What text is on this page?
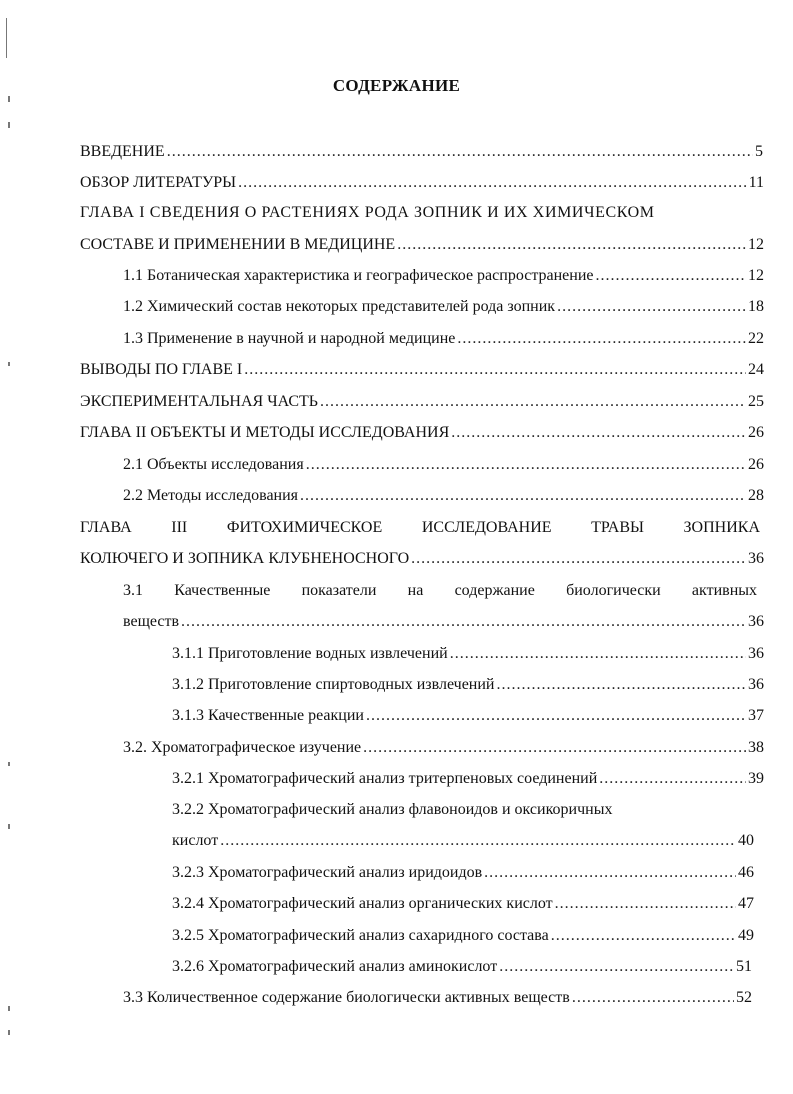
СОДЕРЖАНИЕ
ВВЕДЕНИЕ .....	5
ОБЗОР ЛИТЕРАТУРЫ .....	11
ГЛАВА I СВЕДЕНИЯ О РАСТЕНИЯХ РОДА ЗОПНИК И ИХ ХИМИЧЕСКОМ
СОСТАВЕ И ПРИМЕНЕНИИ В МЕДИЦИНЕ .....	12
1.1 Ботаническая характеристика и географическое распространение .....	12
1.2 Химический состав некоторых представителей рода зопник .....	18
1.3 Применение в научной и народной медицине .....	22
ВЫВОДЫ ПО ГЛАВЕ I .....	24
ЭКСПЕРИМЕНТАЛЬНАЯ ЧАСТЬ .....	25
ГЛАВА II ОБЪЕКТЫ И МЕТОДЫ ИССЛЕДОВАНИЯ .....	26
2.1 Объекты исследования .....	26
2.2 Методы исследования .....	28
ГЛАВА III ФИТОХИМИЧЕСКОЕ ИССЛЕДОВАНИЕ ТРАВЫ ЗОПНИКА
КОЛЮЧЕГО И ЗОПНИКА КЛУБНЕНОСНОГО .....	36
3.1 Качественные показатели на содержание биологически активных
веществ .....	36
3.1.1 Приготовление водных извлечений .....	36
3.1.2 Приготовление спиртоводных извлечений .....	36
3.1.3 Качественные реакции .....	37
3.2. Хроматографическое изучение .....	38
3.2.1 Хроматографический анализ тритерпеновых соединений .....	39
3.2.2 Хроматографический анализ флавоноидов и оксикоричных
кислот .....	40
3.2.3 Хроматографический анализ иридоидов .....	46
3.2.4 Хроматографический анализ органических кислот .....	47
3.2.5 Хроматографический анализ сахаридного состава .....	49
3.2.6 Хроматографический анализ аминокислот .....	51
3.3 Количественное содержание биологически активных веществ .....	52
